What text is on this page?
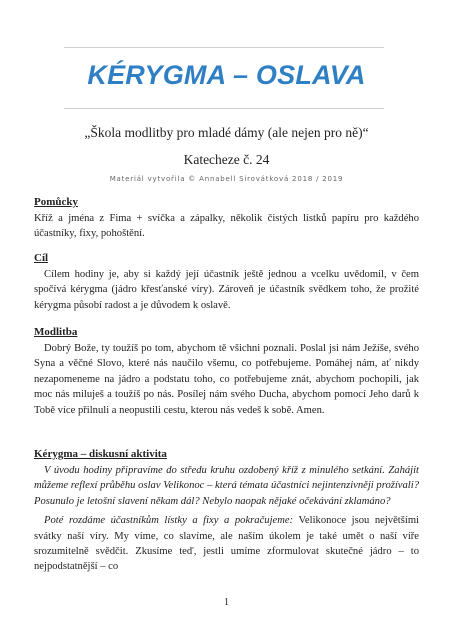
KÉRYGMA – OSLAVA
„Škola modlitby pro mladé dámy (ale nejen pro ně)“
Katecheze č. 24
Materiál vytvořila © Annabell Sirovátková 2018 / 2019
Pomůcky

Kříž a jména z Fima + svíčka a zápalky, několik čistých lístků papíru pro každého účastníky, fixy, pohoštění.

Cíl

Cílem hodiny je, aby si každý její účastník ještě jednou a vcelku uvědomil, v čem spočívá kérygma (jádro křesťanské víry). Zároveň je účastník svědkem toho, že prožité kérygma působí radost a je důvodem k oslavě.

Modlitba

Dobrý Bože, ty toužíš po tom, abychom tě všichni poznali. Poslal jsi nám Ježíše, svého Syna a věčné Slovo, které nás naučilo všemu, co potřebujeme. Pomáhej nám, ať nikdy nezapomeneme na jádro a podstatu toho, co potřebujeme znát, abychom pochopili, jak moc nás miluješ a toužíš po nás. Posílej nám svého Ducha, abychom pomocí Jeho darů k Tobě více přilnuli a neopustili cestu, kterou nás vedeš k sobě. Amen.

Kérygma – diskusní aktivita

V úvodu hodiny připravíme do středu kruhu ozdobený kříž z minulého setkání. Zahájit můžeme reflexí průběhu oslav Velikonoc – která témata účastníci nejintenzivněji prožívali? Posunulo je letošní slavení někam dál? Nebylo naopak nějaké očekávání zklamáno?

Poté rozdáme účastníkům lístky a fixy a pokračujeme: Velikonoce jsou největšími svátky naší víry. My víme, co slavíme, ale naším úkolem je také umět o naší víře srozumitelně svědčit. Zkusíme teď, jestli umíme zformulovat skutečné jádro – to nejpodstatnější – co

1
